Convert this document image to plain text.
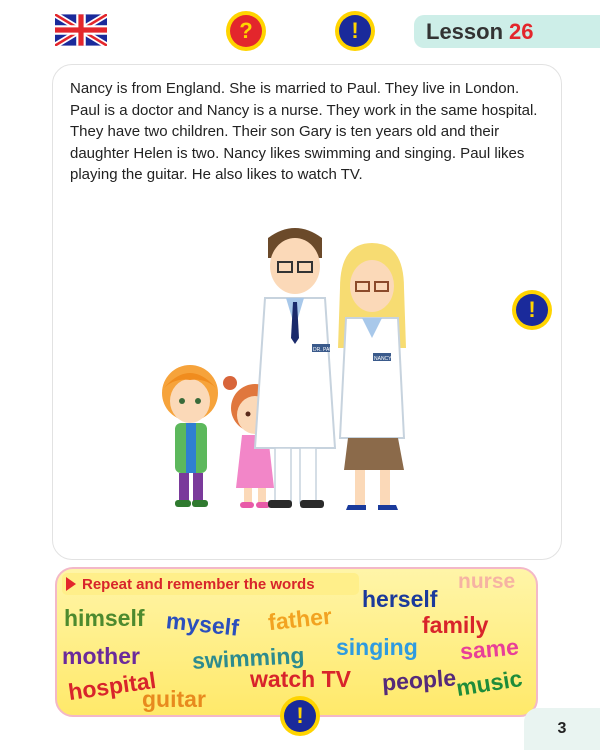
?	!	Lesson 26
Nancy is from England. She is married to Paul. They live in London. Paul is a doctor and Nancy is a nurse. They work in the same hospital. They have two children. Their son Gary is ten years old and their daughter Helen is two. Nancy likes swimming and singing. Paul likes playing the guitar. He also likes to watch TV.
!
DR. PAUL
NANCY
Repeat and remember the words	nurse
herself
himself myself father	family
mother	singing same
swimming
hospital	watch TV people
music
guitar
!
3
